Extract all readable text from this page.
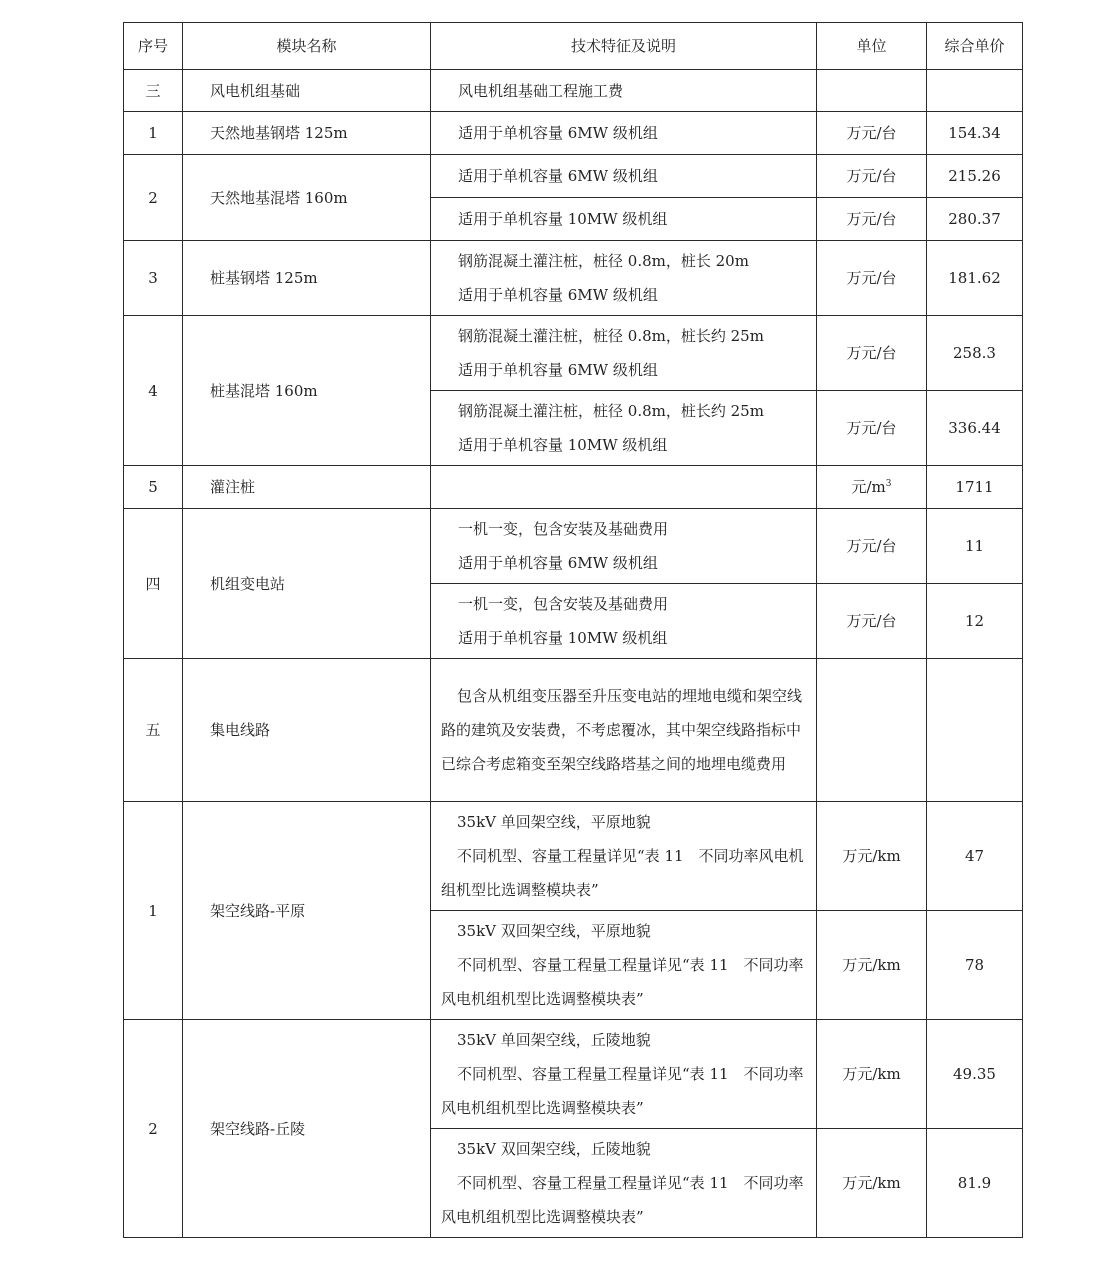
序号	模块名称	技术特征及说明	单位	综合单价
三	风电机组基础	风电机组基础工程施工费		

1	天然地基钢塔 125m	适用于单机容量 6MW 级机组	万元/台	154.34
2	天然地基混塔 160m	适用于单机容量 6MW 级机组	万元/台	215.26

		适用于单机容量 10MW 级机组	万元/台	280.37
3	桩基钢塔 125m	钢筋混凝土灌注桩，桩径 0.8m，桩长 20m
适用于单机容量 6MW 级机组	万元/台	181.62
4	桩基混塔 160m	钢筋混凝土灌注桩，桩径 0.8m，桩长约 25m
适用于单机容量 6MW 级机组	万元/台	258.3

		钢筋混凝土灌注桩，桩径 0.8m，桩长约 25m
适用于单机容量 10MW 级机组	万元/台	336.44
5	灌注桩		元$/m^3$	1711
四	机组变电站	一机一变，包含安装及基础费用
适用于单机容量 6MW 级机组	万元/台	11

		一机一变，包含安装及基础费用
适用于单机容量 10MW 级机组	万元/台	12
五	集电线路	包含从机组变压器至升压变电站的埋地电缆和架空线路的建筑及安装费，不考虑覆冰，其中架空线路指标中已综合考虑箱变至架空线路塔基之间的地埋电缆费用		
1	架空线路-平原	35kV 单回架空线，平原地貌
不同机型、容量工程量详见“表 11　不同功率风电机组机型比选调整模块表”	万元/km	47

		35kV 双回架空线，平原地貌
不同机型、容量工程量工程量详见“表 11　不同功率风电机组机型比选调整模块表”	万元/km	78
2	架空线路-丘陵	35kV 单回架空线，丘陵地貌
不同机型、容量工程量工程量详见“表 11　不同功率风电机组机型比选调整模块表”	万元/km	49.35

		35kV 双回架空线，丘陵地貌
不同机型、容量工程量工程量详见“表 11　不同功率风电机组机型比选调整模块表”	万元/km	81.9
